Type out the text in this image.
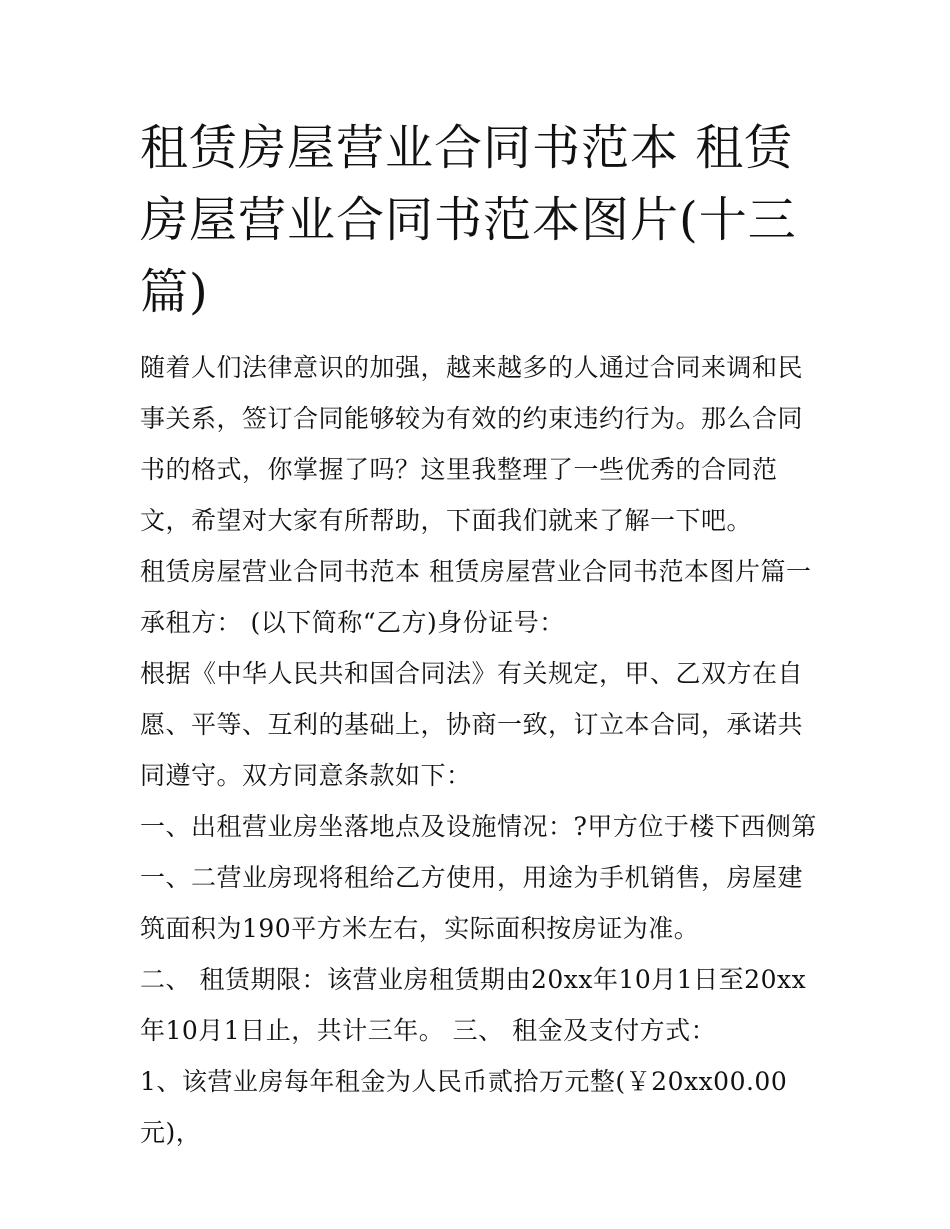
租赁房屋营业合同书范本 租赁房屋营业合同书范本图片(十三篇)

随着人们法律意识的加强，越来越多的人通过合同来调和民事关系，签订合同能够较为有效的约束违约行为。那么合同书的格式，你掌握了吗？这里我整理了一些优秀的合同范文，希望对大家有所帮助，下面我们就来了解一下吧。

租赁房屋营业合同书范本 租赁房屋营业合同书范本图片篇一

承租方： (以下简称“乙方)身份证号：

根据《中华人民共和国合同法》有关规定，甲、乙双方在自愿、平等、互利的基础上，协商一致，订立本合同，承诺共同遵守。双方同意条款如下：

一、出租营业房坐落地点及设施情况：?甲方位于楼下西侧第一、二营业房现将租给乙方使用，用途为手机销售，房屋建筑面积为190平方米左右，实际面积按房证为准。

二、 租赁期限：该营业房租赁期由20xx年10月1日至20xx年10月1日止，共计三年。 三、 租金及支付方式：

1、该营业房每年租金为人民币贰拾万元整(￥20xx00.00元)，
